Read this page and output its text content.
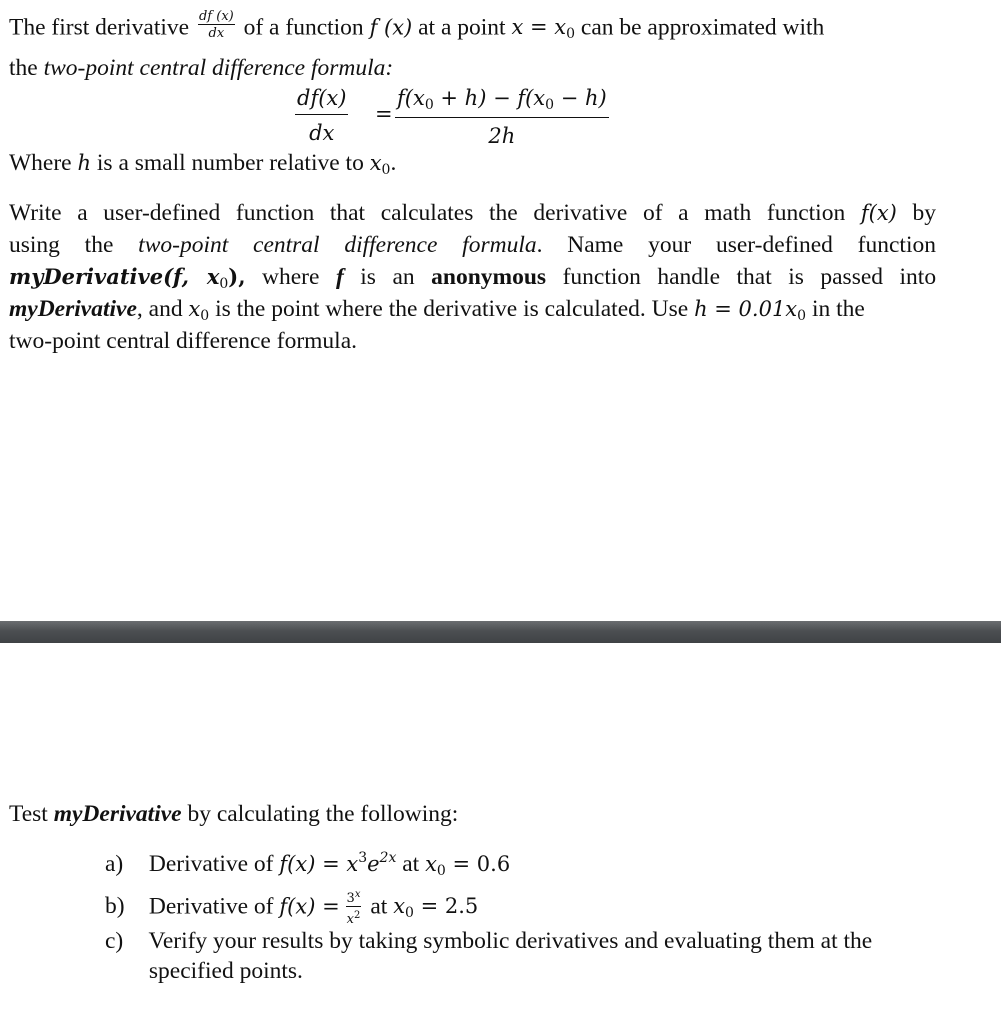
The first derivative $\frac{df (x)}{dx}$ of a function f (x) at a point $x = x_0$ can be approximated with
the two-point central difference formula:
$\frac{df(x)}{dx} = \frac{f(x_0 + h) - f(x_0 - h)}{2h}$
Where h is a small number relative to $x_0$.
Write a user-defined function that calculates the derivative of a math function f(x) by
using the two-point central difference formula. Name your user-defined function
myDerivative(f, $x_0$), where f is an anonymous function handle that is passed into
myDerivative, and $x_0$ is the point where the derivative is calculated. Use $h = 0.01x_0$ in the
two-point central difference formula.
Test myDerivative by calculating the following:
a) Derivative of $f(x) = x^3e^{2x}$ at $x_0 = 0.6$
b) Derivative of $f(x) = \frac{3^x}{x^2}$ at $x_0 = 2.5$
c) Verify your results by taking symbolic derivatives and evaluating them at the
specified points.
